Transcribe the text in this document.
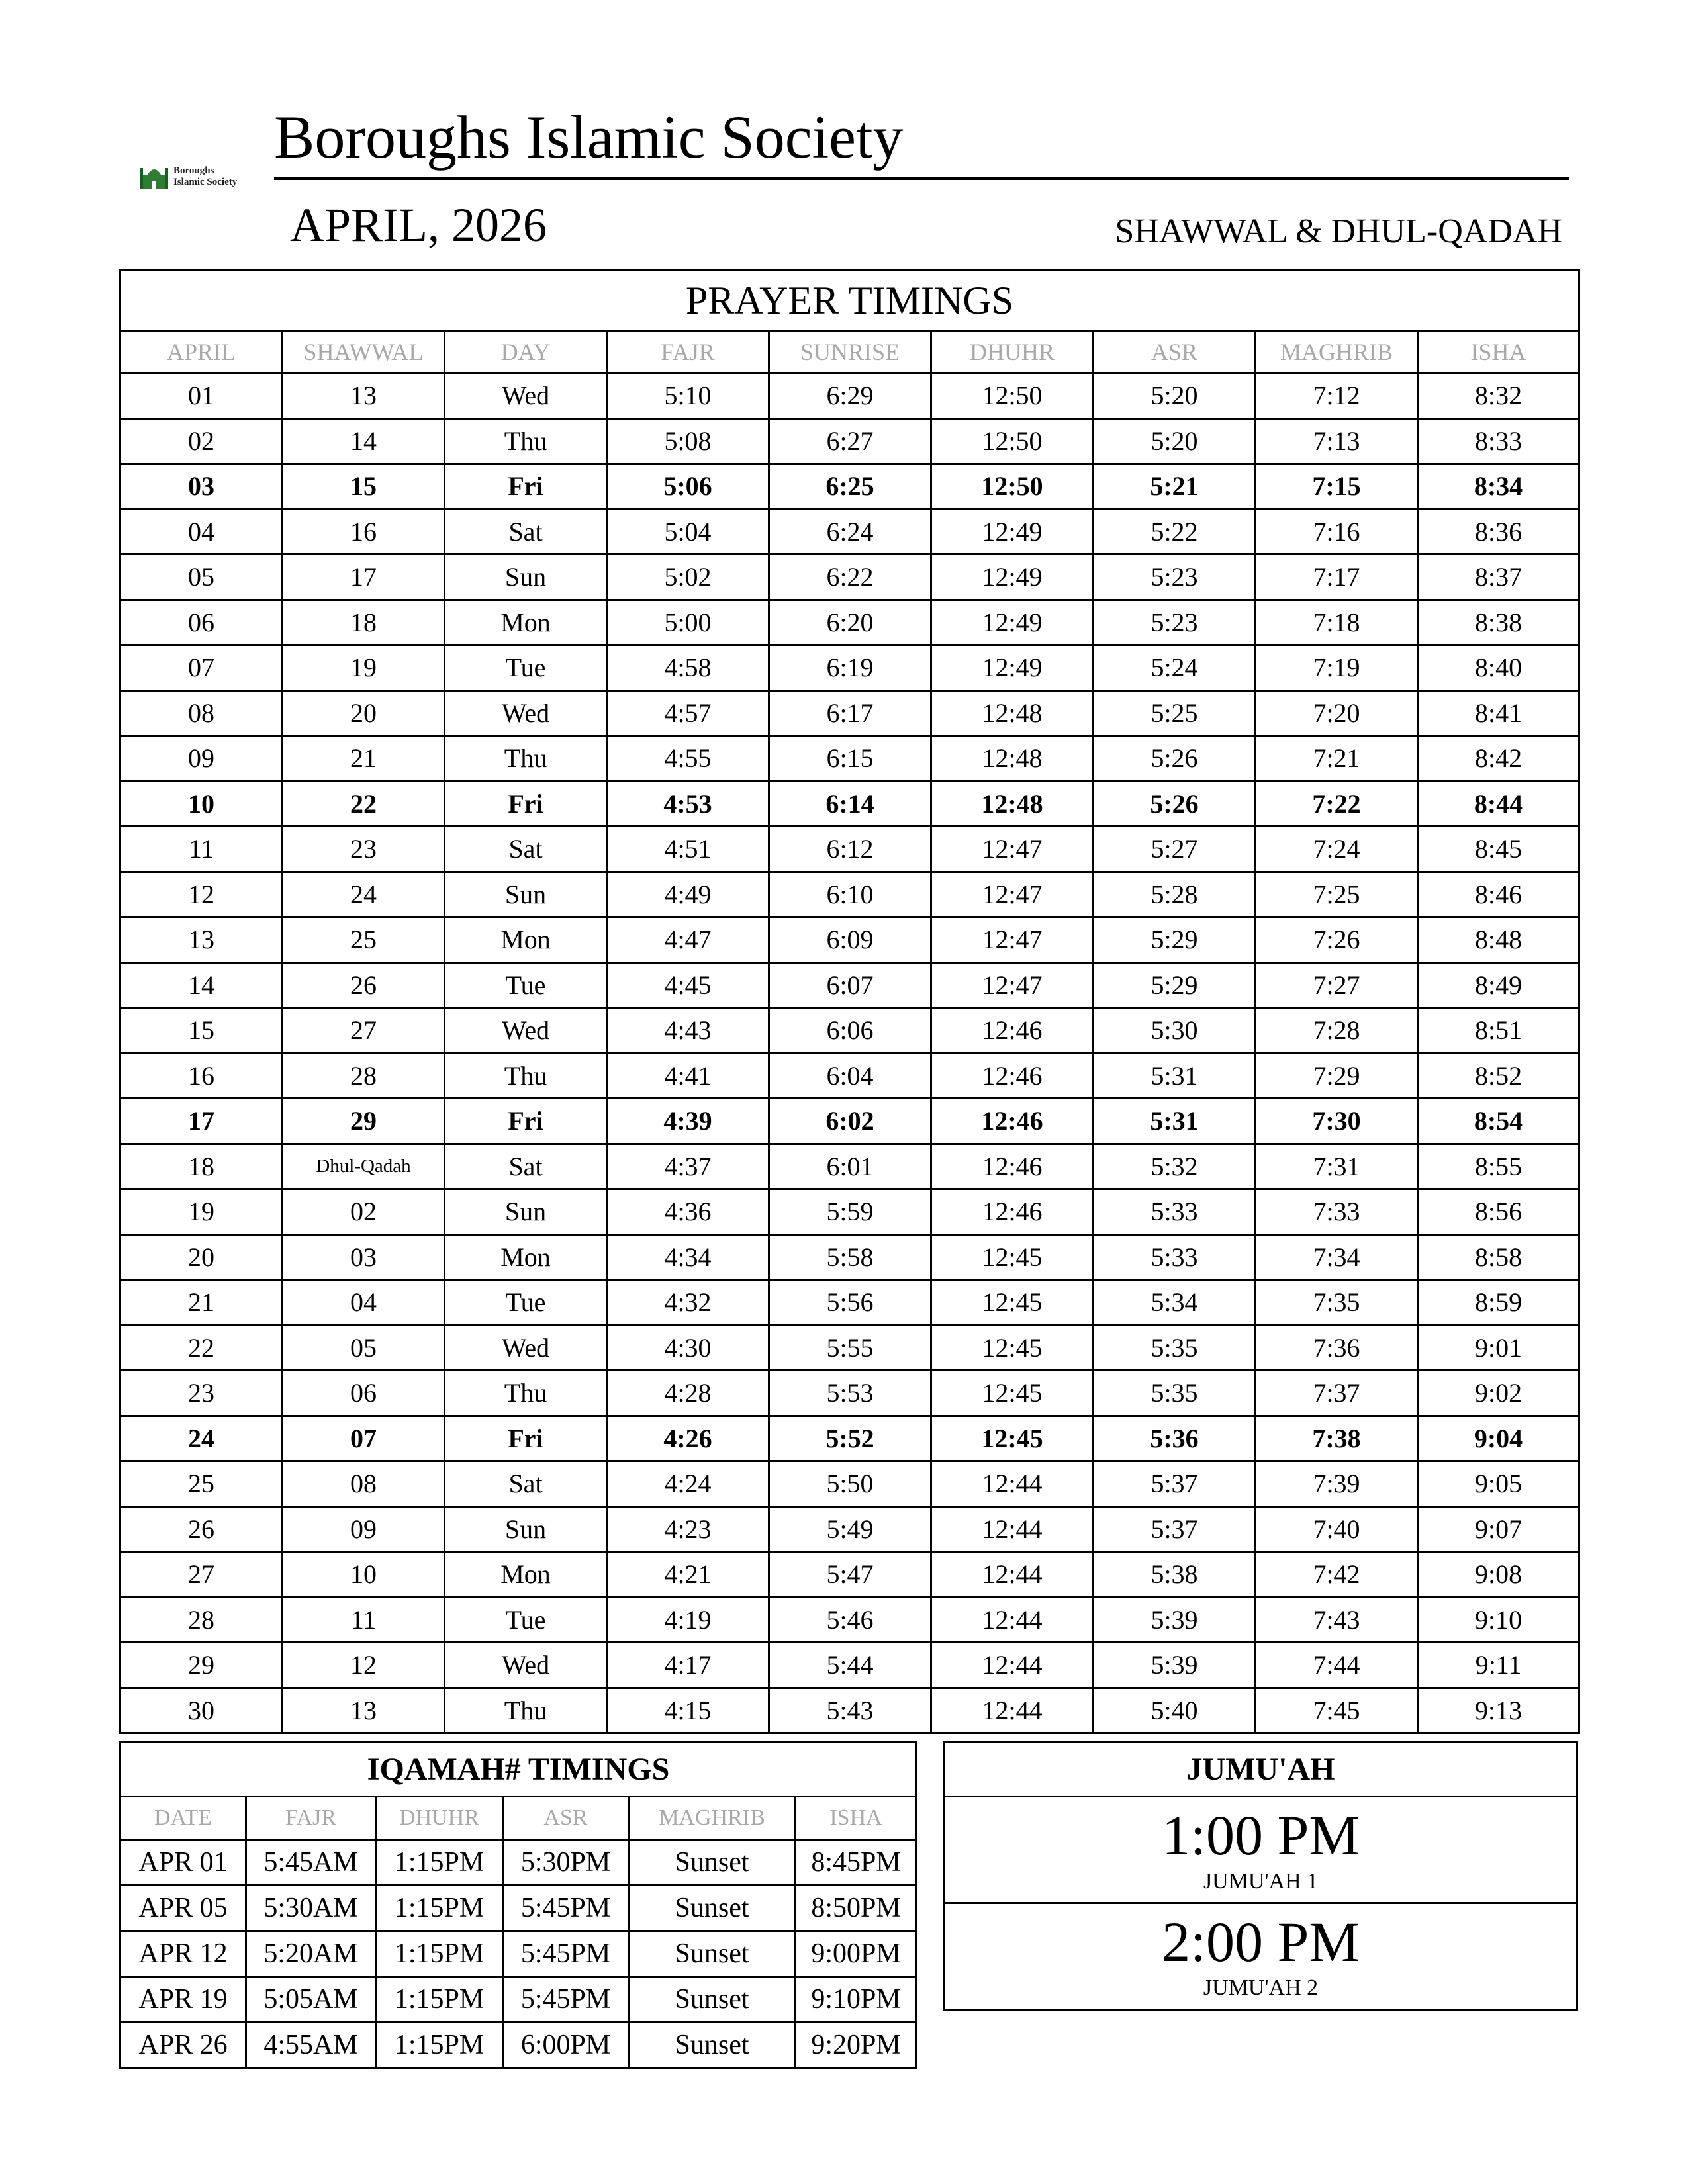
Boroughs
Islamic Society
Boroughs Islamic Society
APRIL, 2026	SHAWWAL & DHUL-QADAH
PRAYER TIMINGS								
APRIL	SHAWWAL	DAY	FAJR	SUNRISE	DHUHR	ASR	MAGHRIB	ISHA
01	13	Wed	5:10	6:29	12:50	5:20	7:12	8:32
02	14	Thu	5:08	6:27	12:50	5:20	7:13	8:33
03	15	Fri	5:06	6:25	12:50	5:21	7:15	8:34
04	16	Sat	5:04	6:24	12:49	5:22	7:16	8:36
05	17	Sun	5:02	6:22	12:49	5:23	7:17	8:37
06	18	Mon	5:00	6:20	12:49	5:23	7:18	8:38
07	19	Tue	4:58	6:19	12:49	5:24	7:19	8:40
08	20	Wed	4:57	6:17	12:48	5:25	7:20	8:41
09	21	Thu	4:55	6:15	12:48	5:26	7:21	8:42
10	22	Fri	4:53	6:14	12:48	5:26	7:22	8:44
11	23	Sat	4:51	6:12	12:47	5:27	7:24	8:45
12	24	Sun	4:49	6:10	12:47	5:28	7:25	8:46
13	25	Mon	4:47	6:09	12:47	5:29	7:26	8:48
14	26	Tue	4:45	6:07	12:47	5:29	7:27	8:49
15	27	Wed	4:43	6:06	12:46	5:30	7:28	8:51
16	28	Thu	4:41	6:04	12:46	5:31	7:29	8:52
17	29	Fri	4:39	6:02	12:46	5:31	7:30	8:54
18	Dhul-Qadah	Sat	4:37	6:01	12:46	5:32	7:31	8:55
19	02	Sun	4:36	5:59	12:46	5:33	7:33	8:56
20	03	Mon	4:34	5:58	12:45	5:33	7:34	8:58
21	04	Tue	4:32	5:56	12:45	5:34	7:35	8:59
22	05	Wed	4:30	5:55	12:45	5:35	7:36	9:01
23	06	Thu	4:28	5:53	12:45	5:35	7:37	9:02
24	07	Fri	4:26	5:52	12:45	5:36	7:38	9:04
25	08	Sat	4:24	5:50	12:44	5:37	7:39	9:05
26	09	Sun	4:23	5:49	12:44	5:37	7:40	9:07
27	10	Mon	4:21	5:47	12:44	5:38	7:42	9:08
28	11	Tue	4:19	5:46	12:44	5:39	7:43	9:10
29	12	Wed	4:17	5:44	12:44	5:39	7:44	9:11
30	13	Thu	4:15	5:43	12:44	5:40	7:45	9:13
IQAMAH# TIMINGS					
DATE	FAJR	DHUHR	ASR	MAGHRIB	ISHA
APR 01	5:45AM	1:15PM	5:30PM	Sunset	8:45PM
APR 05	5:30AM	1:15PM	5:45PM	Sunset	8:50PM
APR 12	5:20AM	1:15PM	5:45PM	Sunset	9:00PM
APR 19	5:05AM	1:15PM	5:45PM	Sunset	9:10PM
APR 26	4:55AM	1:15PM	6:00PM	Sunset	9:20PM
JUMU'AH

1:00 PM
JUMU'AH 1

2:00 PM
JUMU'AH 2
